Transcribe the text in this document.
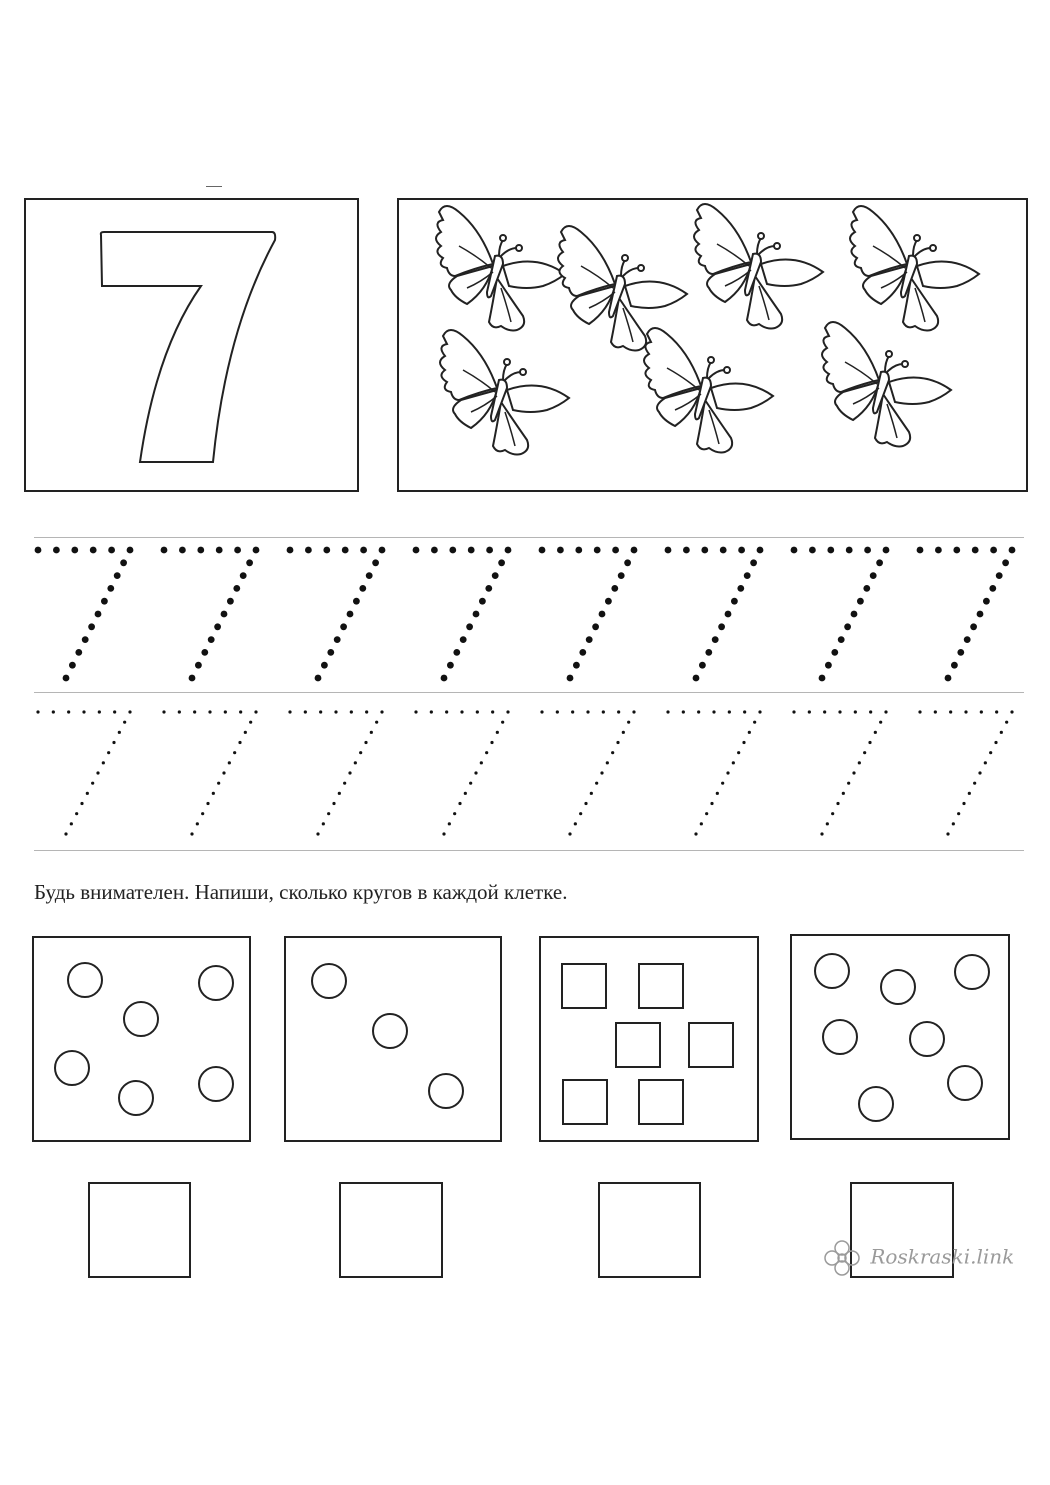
Будь внимателен. Напиши, сколько кругов в каждой клетке.
Roskraski.link
